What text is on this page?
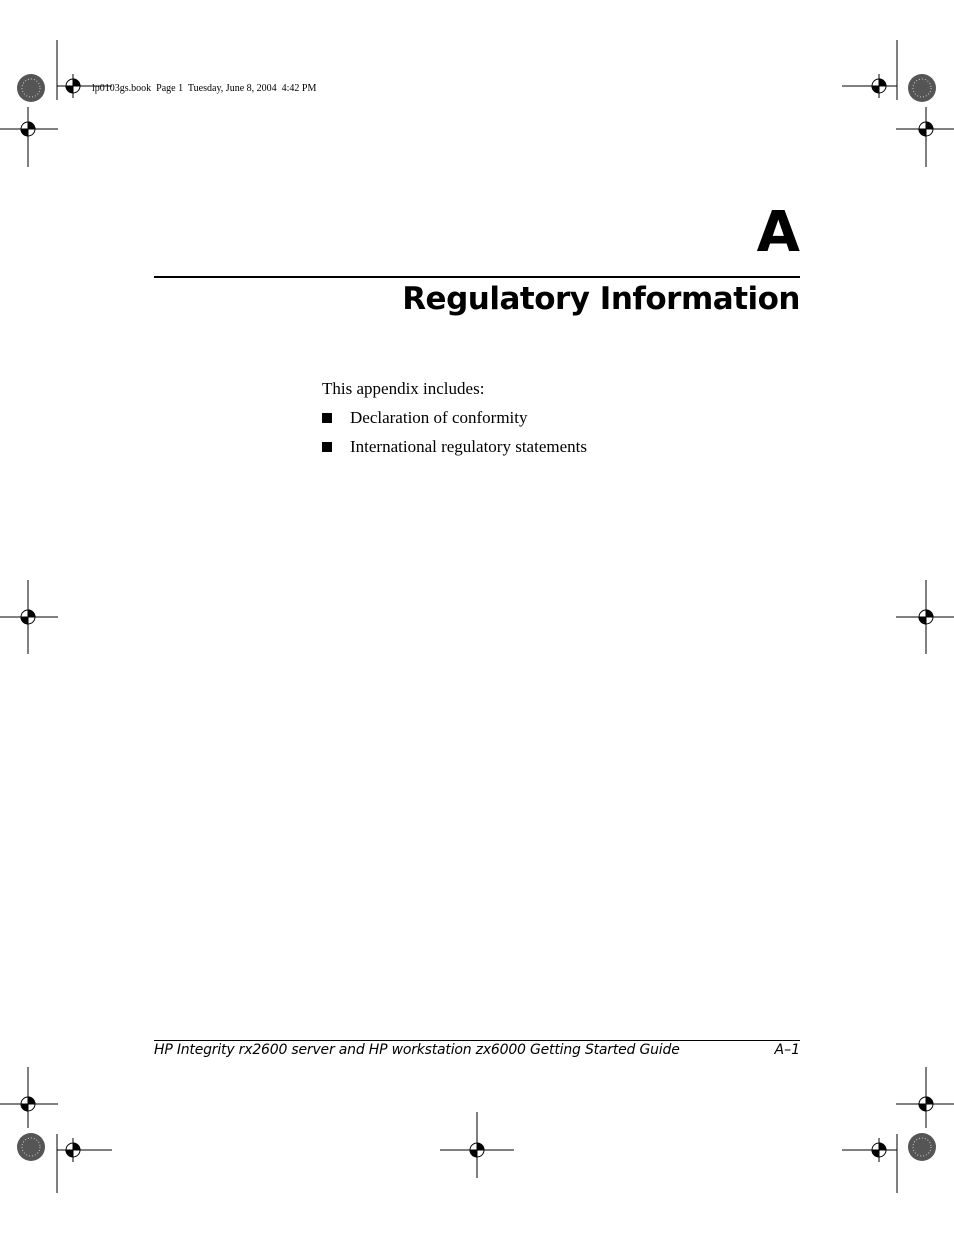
lp0103gs.book  Page 1  Tuesday, June 8, 2004  4:42 PM
A
Regulatory Information
This appendix includes:
Declaration of conformity
International regulatory statements
HP Integrity rx2600 server and HP workstation zx6000 Getting Started Guide	A–1
